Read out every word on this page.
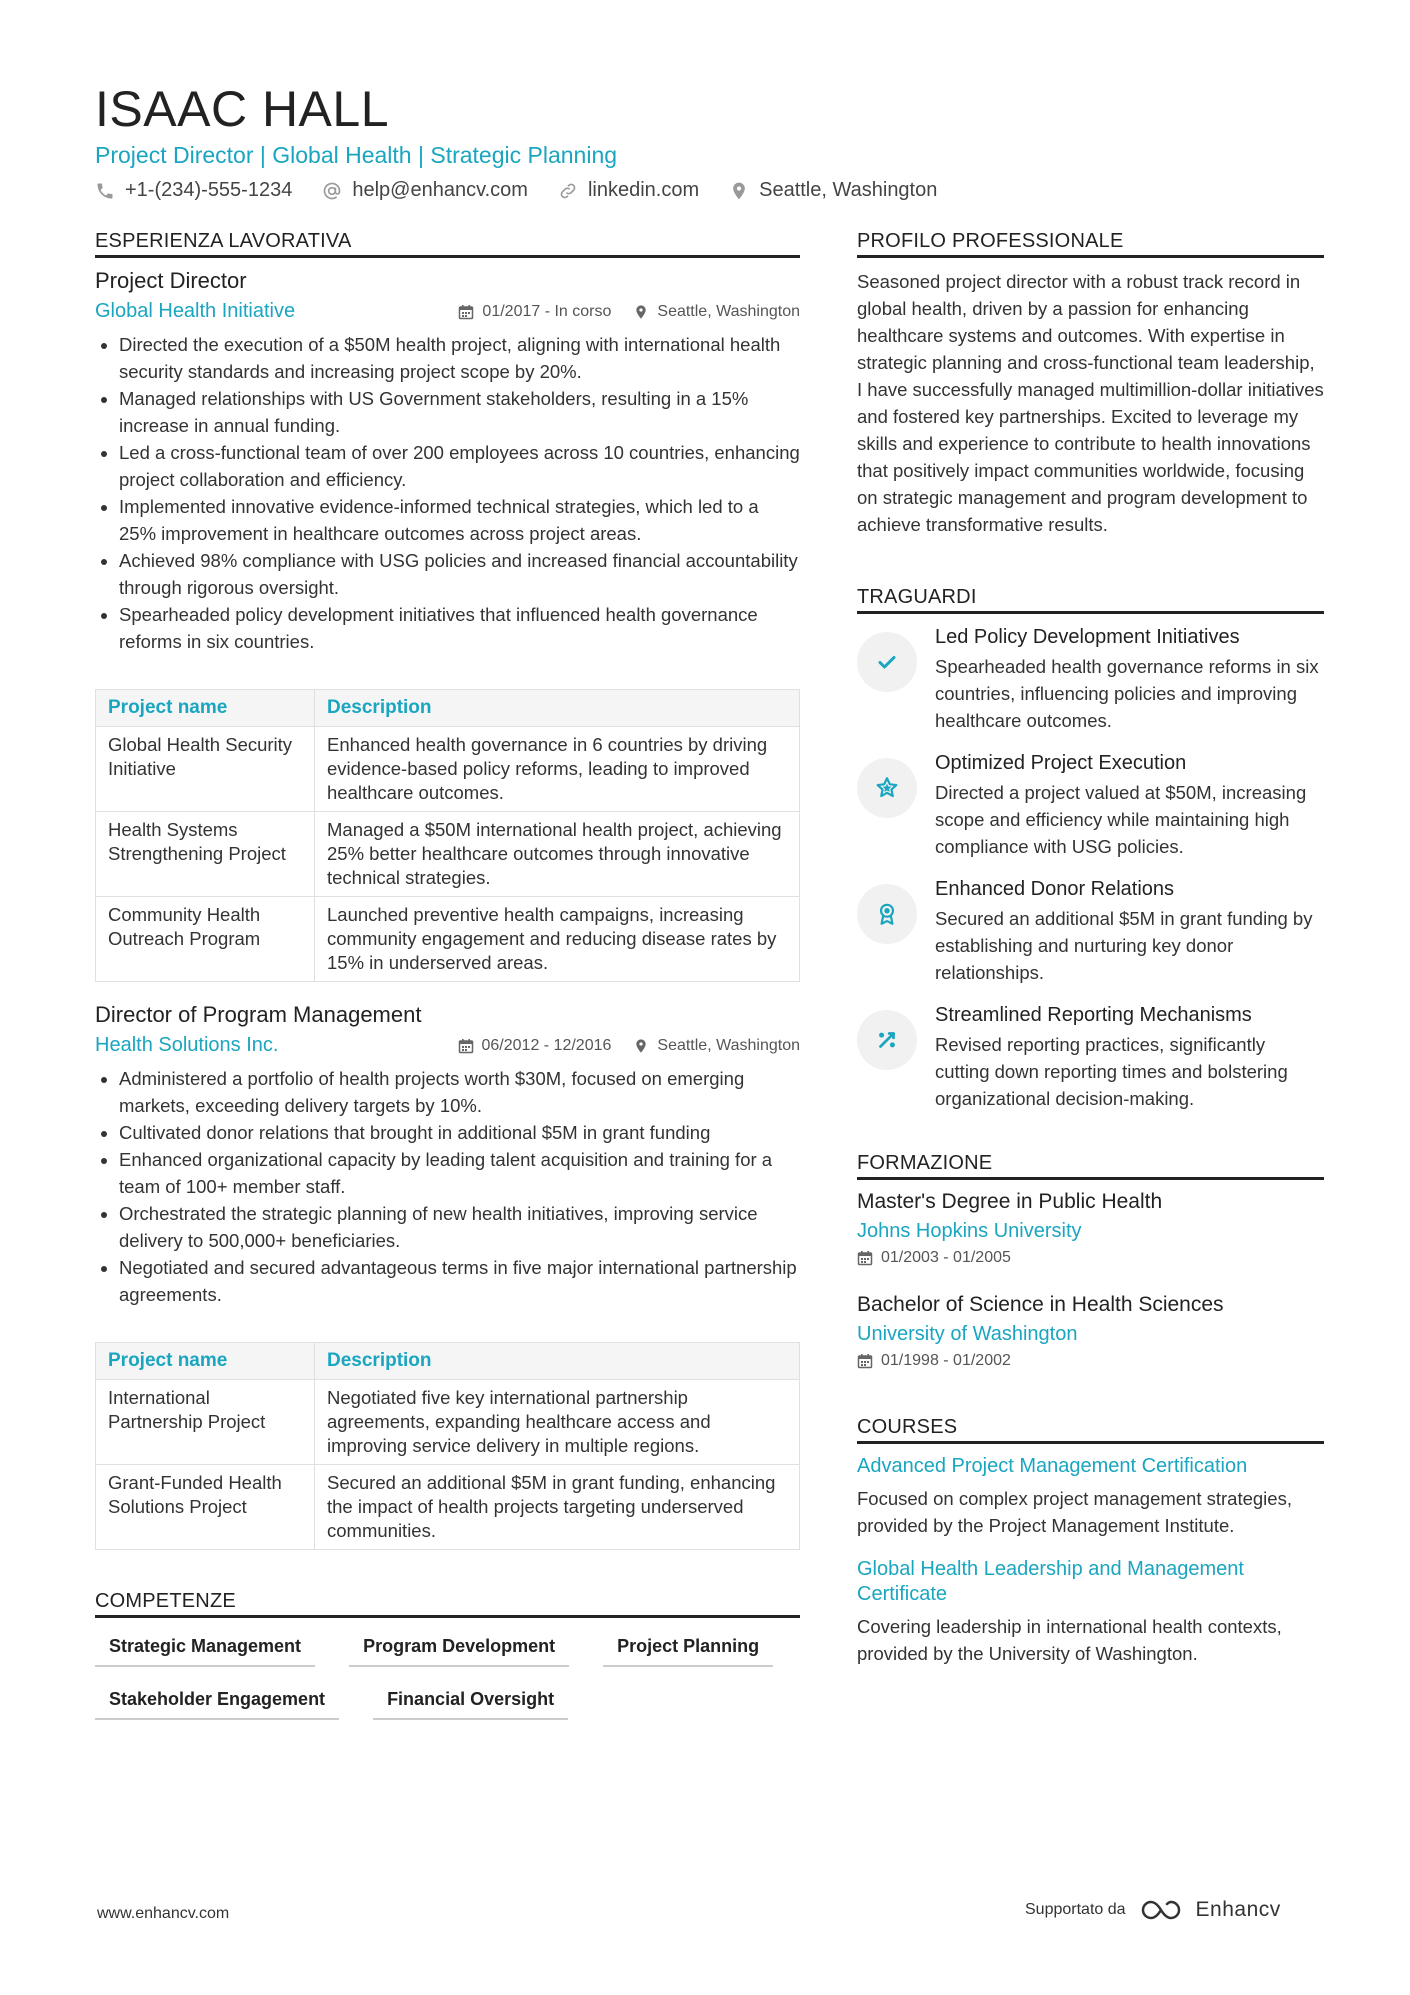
ISAAC HALL
Project Director | Global Health | Strategic Planning
+1-(234)-555-1234	help@enhancv.com	linkedin.com	Seattle, Washington
ESPERIENZA LAVORATIVA
Project Director
Global Health Initiative	01/2017 - In corso	Seattle, Washington
• Directed the execution of a $50M health project, aligning with international health security standards and increasing project scope by 20%.
• Managed relationships with US Government stakeholders, resulting in a 15% increase in annual funding.
• Led a cross-functional team of over 200 employees across 10 countries, enhancing project collaboration and efficiency.
• Implemented innovative evidence-informed technical strategies, which led to a 25% improvement in healthcare outcomes across project areas.
• Achieved 98% compliance with USG policies and increased financial accountability through rigorous oversight.
• Spearheaded policy development initiatives that influenced health governance reforms in six countries.
Project name	Description
Global Health Security Initiative	Enhanced health governance in 6 countries by driving evidence-based policy reforms, leading to improved healthcare outcomes.
Health Systems Strengthening Project	Managed a $50M international health project, achieving 25% better healthcare outcomes through innovative technical strategies.
Community Health Outreach Program	Launched preventive health campaigns, increasing community engagement and reducing disease rates by 15% in underserved areas.
Director of Program Management
Health Solutions Inc.	06/2012 - 12/2016	Seattle, Washington
• Administered a portfolio of health projects worth $30M, focused on emerging markets, exceeding delivery targets by 10%.
• Cultivated donor relations that brought in additional $5M in grant funding
• Enhanced organizational capacity by leading talent acquisition and training for a team of 100+ member staff.
• Orchestrated the strategic planning of new health initiatives, improving service delivery to 500,000+ beneficiaries.
• Negotiated and secured advantageous terms in five major international partnership agreements.
Project name	Description
International Partnership Project	Negotiated five key international partnership agreements, expanding healthcare access and improving service delivery in multiple regions.
Grant-Funded Health Solutions Project	Secured an additional $5M in grant funding, enhancing the impact of health projects targeting underserved communities.
COMPETENZE
Strategic Management	Program Development	Project Planning
Stakeholder Engagement	Financial Oversight
PROFILO PROFESSIONALE
Seasoned project director with a robust track record in global health, driven by a passion for enhancing healthcare systems and outcomes. With expertise in strategic planning and cross-functional team leadership, I have successfully managed multimillion-dollar initiatives and fostered key partnerships. Excited to leverage my skills and experience to contribute to health innovations that positively impact communities worldwide, focusing on strategic management and program development to achieve transformative results.
TRAGUARDI
Led Policy Development Initiatives
Spearheaded health governance reforms in six countries, influencing policies and improving healthcare outcomes.
Optimized Project Execution
Directed a project valued at $50M, increasing scope and efficiency while maintaining high compliance with USG policies.
Enhanced Donor Relations
Secured an additional $5M in grant funding by establishing and nurturing key donor relationships.
Streamlined Reporting Mechanisms
Revised reporting practices, significantly cutting down reporting times and bolstering organizational decision-making.
FORMAZIONE
Master's Degree in Public Health
Johns Hopkins University
01/2003 - 01/2005
Bachelor of Science in Health Sciences
University of Washington
01/1998 - 01/2002
COURSES
Advanced Project Management Certification
Focused on complex project management strategies, provided by the Project Management Institute.
Global Health Leadership and Management Certificate
Covering leadership in international health contexts, provided by the University of Washington.
www.enhancv.com	Supportato da	Enhancv
